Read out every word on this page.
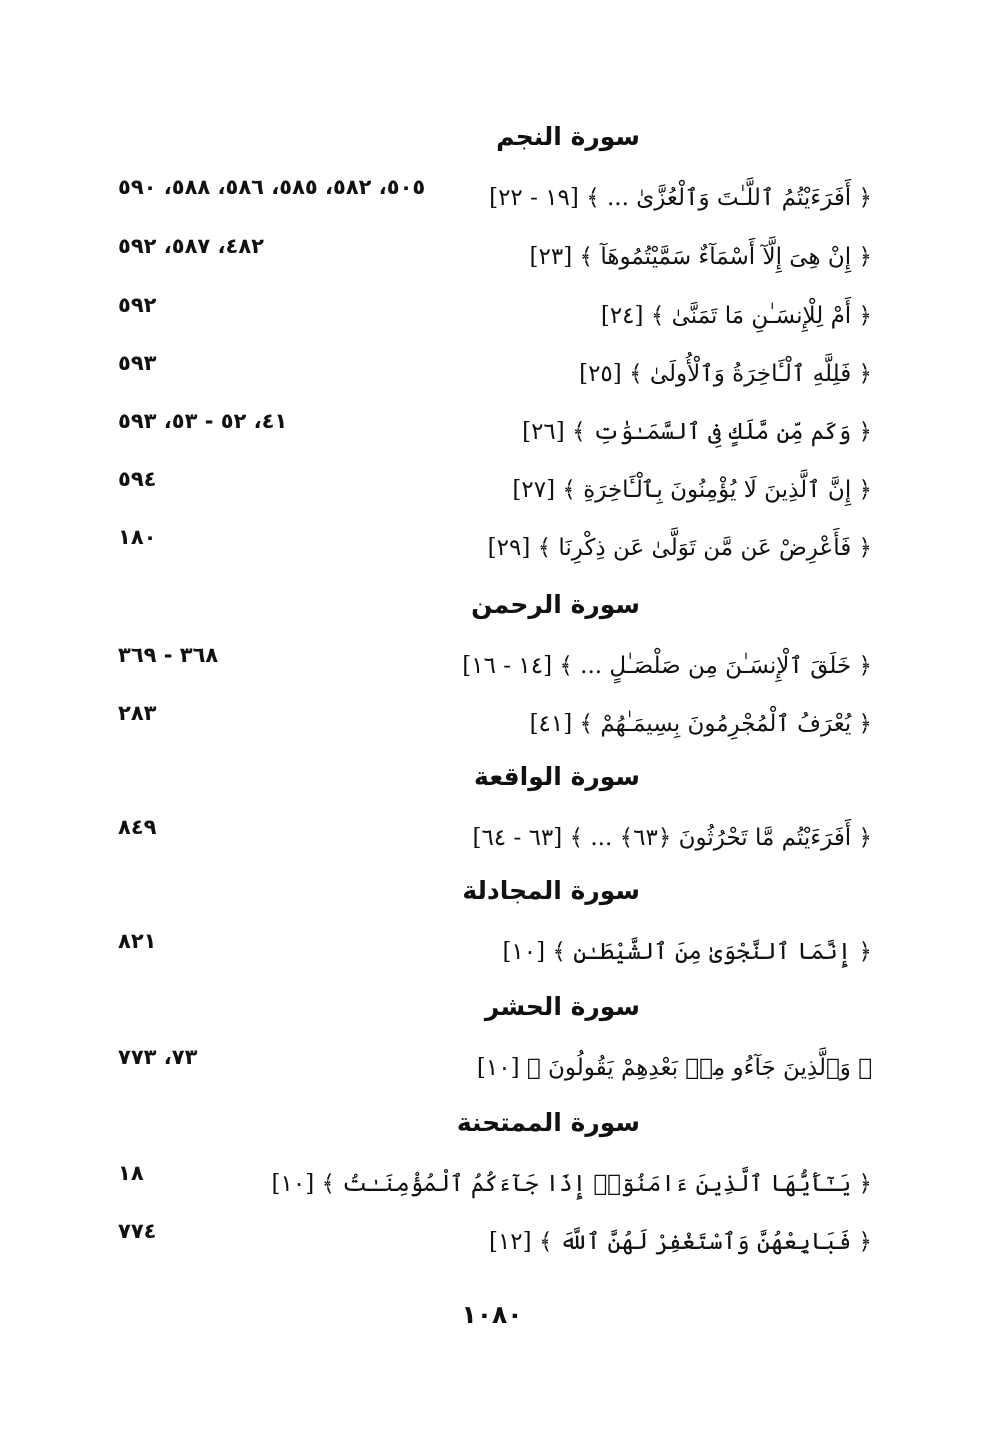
سورة النجم
﴿ أَفَرَءَيْتُمُ ٱللَّـٰتَ وَٱلْعُزَّىٰ ... ﴾ [١٩ - ٢٢]
٥٠٥، ٥٨٢، ٥٨٥، ٥٨٦، ٥٨٨، ٥٩٠
﴿ إِنْ هِىَ إِلَّآ أَسْمَآءٌ سَمَّيْتُمُوهَآ ﴾ [٢٣]
٤٨٢، ٥٨٧، ٥٩٢
﴿ أَمْ لِلْإِنسَـٰنِ مَا تَمَنَّىٰ ﴾ [٢٤]
٥٩٢
﴿ فَلِلَّهِ ٱلْـَٔاخِرَةُ وَٱلْأُولَىٰ ﴾ [٢٥]
٥٩٣
﴿ وَكَم مِّن مَّلَكٍ فِى ٱلسَّمَـٰوَٰتِ ﴾ [٢٦]
٤١، ٥٢ - ٥٣، ٥٩٣
﴿ إِنَّ ٱلَّذِينَ لَا يُؤْمِنُونَ بِٱلْـَٔاخِرَةِ ﴾ [٢٧]
٥٩٤
﴿ فَأَعْرِضْ عَن مَّن تَوَلَّىٰ عَن ذِكْرِنَا ﴾ [٢٩]
١٨٠
سورة الرحمن
﴿ خَلَقَ ٱلْإِنسَـٰنَ مِن صَلْصَـٰلٍ ... ﴾ [١٤ - ١٦]
٣٦٨ - ٣٦٩
﴿ يُعْرَفُ ٱلْمُجْرِمُونَ بِسِيمَـٰهُمْ ﴾ [٤١]
٢٨٣
سورة الواقعة
﴿ أَفَرَءَيْتُم مَّا تَحْرُثُونَ ﴿٦٣﴾ ... ﴾ [٦٣ - ٦٤]
٨٤٩
سورة المجادلة
﴿ إِنَّمَا ٱلنَّجْوَىٰ مِنَ ٱلشَّيْطَـٰنِ ﴾ [١٠]
٨٢١
سورة الحشر
﴿ وَٱلَّذِينَ جَآءُو مِنۢ بَعْدِهِمْ يَقُولُونَ ﴾ [١٠]
٧٣، ٧٧٣
سورة الممتحنة
﴿ يَـٰٓأَيُّهَا ٱلَّذِينَ ءَامَنُوٓا۟ إِذَا جَآءَكُمُ ٱلْمُؤْمِنَـٰتُ ﴾ [١٠]
١٨
﴿ فَبَايِعْهُنَّ وَٱسْتَغْفِرْ لَهُنَّ ٱللَّهَ ﴾ [١٢]
٧٧٤
١٠٨٠
